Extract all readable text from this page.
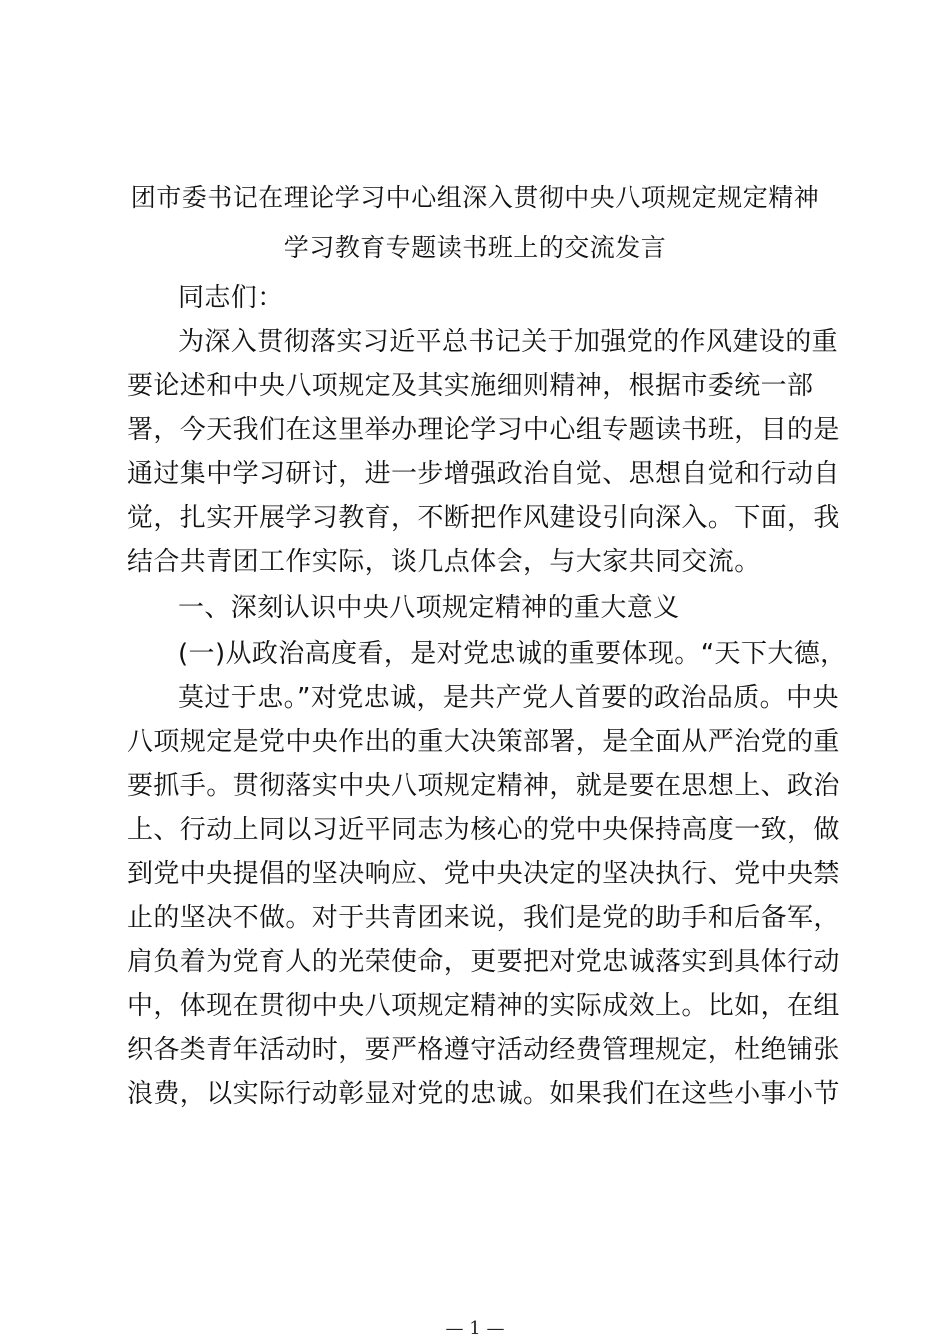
团市委书记在理论学习中心组深入贯彻中央八项规定规定精神
学习教育专题读书班上的交流发言
同志们：
为深入贯彻落实习近平总书记关于加强党的作风建设的重
要论述和中央八项规定及其实施细则精神，根据市委统一部
署，今天我们在这里举办理论学习中心组专题读书班，目的是
通过集中学习研讨，进一步增强政治自觉、思想自觉和行动自
觉，扎实开展学习教育，不断把作风建设引向深入。下面，我
结合共青团工作实际，谈几点体会，与大家共同交流。
一、深刻认识中央八项规定精神的重大意义
(一)从政治高度看，是对党忠诚的重要体现。“天下大德，
莫过于忠。”对党忠诚，是共产党人首要的政治品质。中央
八项规定是党中央作出的重大决策部署，是全面从严治党的重
要抓手。贯彻落实中央八项规定精神，就是要在思想上、政治
上、行动上同以习近平同志为核心的党中央保持高度一致，做
到党中央提倡的坚决响应、党中央决定的坚决执行、党中央禁
止的坚决不做。对于共青团来说，我们是党的助手和后备军，
肩负着为党育人的光荣使命，更要把对党忠诚落实到具体行动
中，体现在贯彻中央八项规定精神的实际成效上。比如，在组
织各类青年活动时，要严格遵守活动经费管理规定，杜绝铺张
浪费，以实际行动彰显对党的忠诚。如果我们在这些小事小节
— 1 —
